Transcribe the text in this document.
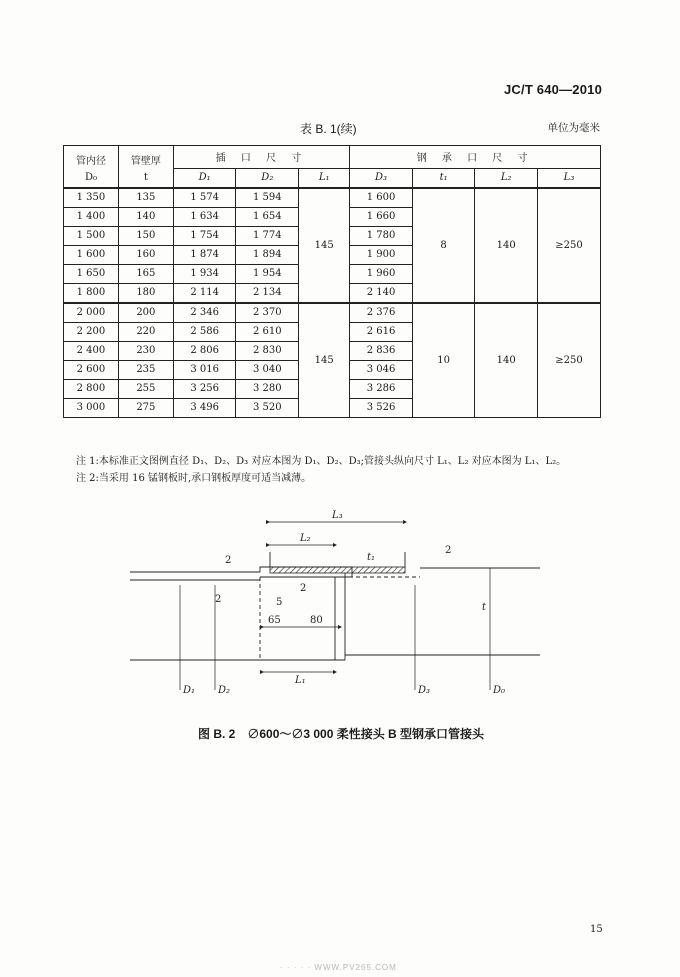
JC/T 640—2010
表 B. 1(续)	单位为毫米
管内径	管壁厚	插 口 尺 寸			钢 承 口 尺 寸			
D₀	t	D₁	D₂	L₁	D₃	t₁	L₂	L₃
1 350	135	1 574	1 594	145	1 600	8	140	≥250
1 400	140	1 634	1 654		1 660			
1 500	150	1 754	1 774		1 780			
1 600	160	1 874	1 894		1 900			
1 650	165	1 934	1 954		1 960			
1 800	180	2 114	2 134		2 140			
2 000	200	2 346	2 370	145	2 376	10	140	≥250
2 200	220	2 586	2 610		2 616			
2 400	230	2 806	2 830		2 836			
2 600	235	3 016	3 040		3 046			
2 800	255	3 256	3 280		3 286			
3 000	275	3 496	3 520		3 526			
注 1:本标准正文图例直径 D₁、D₂、D₃ 对应本图为 D₁、D₂、D₃;管接头纵向尺寸 L₁、L₂ 对应本图为 L₁、L₂。
注 2:当采用 16 锰钢板时,承口钢板厚度可适当减薄。
L₃
L₂
L₁
t₁
t
2
2
2
2
5
65	80
D₁ D₂	D₃	D₀
图 B. 2　∅600～∅3 000 柔性接头 B 型钢承口管接头
15
· · · · · WWW.PV265.COM
